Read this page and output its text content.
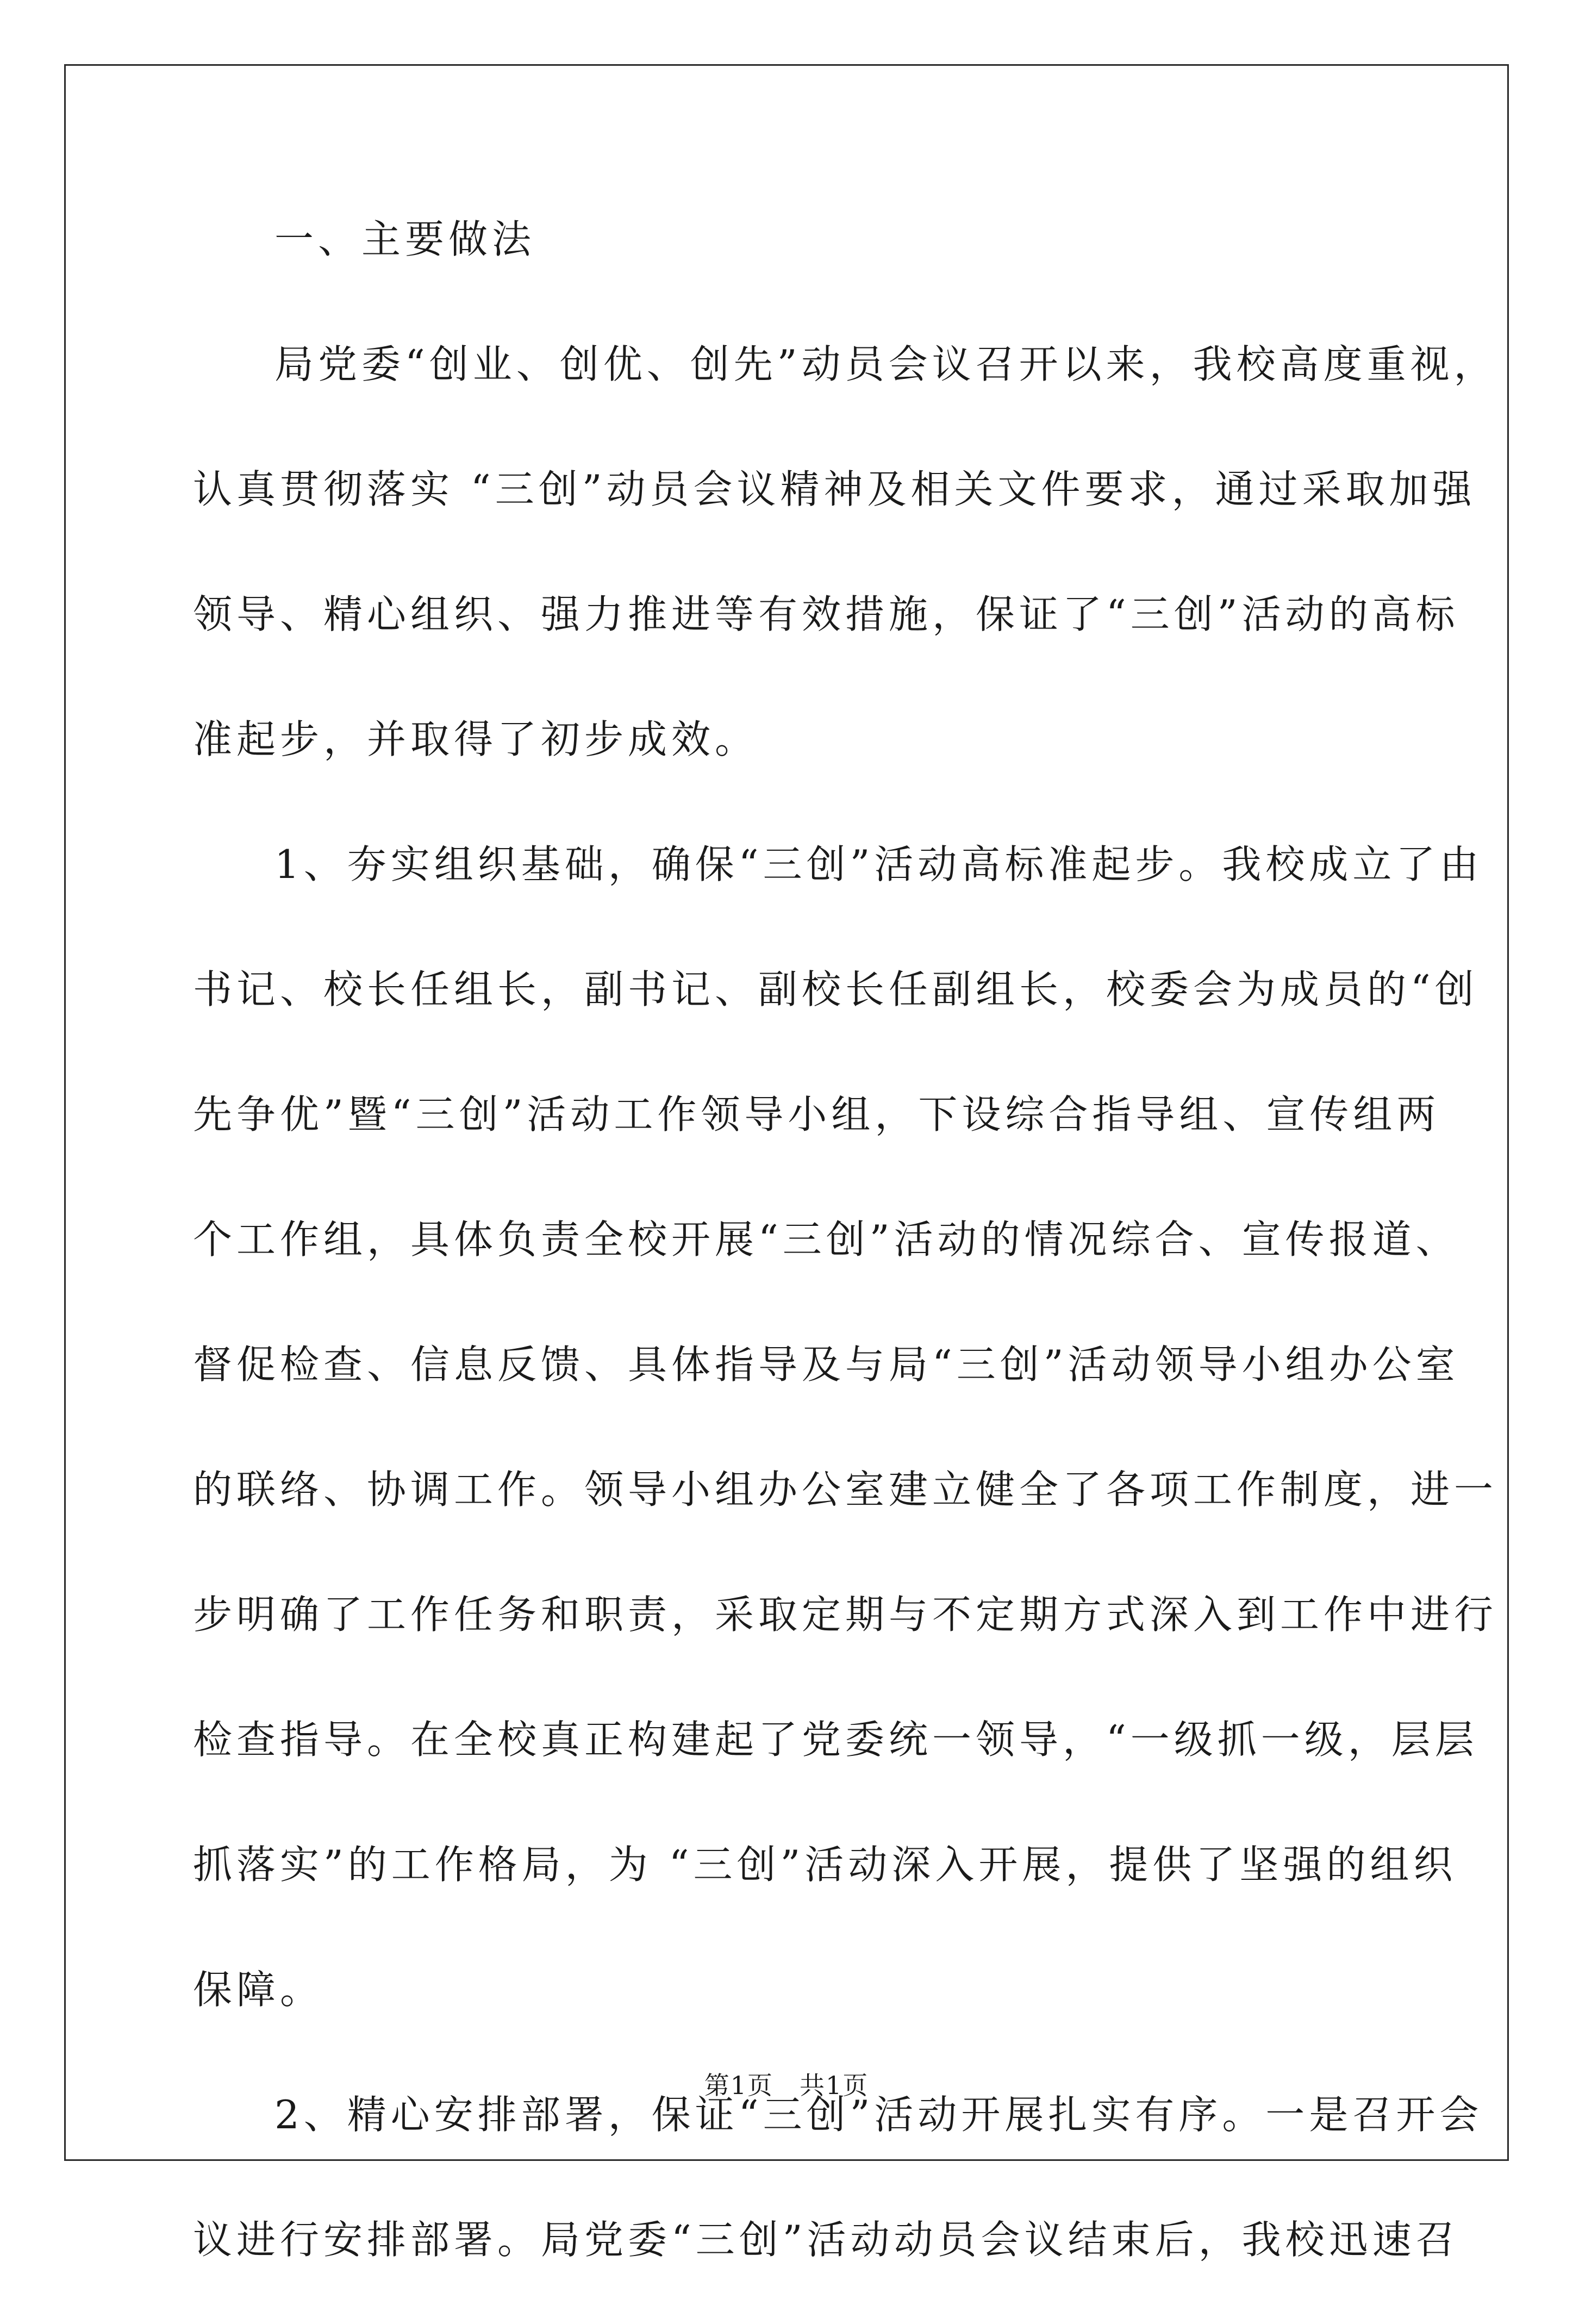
一、主要做法
局党委“创业、创优、创先”动员会议召开以来，我校高度重视，
认真贯彻落实 “三创”动员会议精神及相关文件要求，通过采取加强
领导、精心组织、强力推进等有效措施，保证了“三创”活动的高标
准起步，并取得了初步成效。
1、夯实组织基础，确保“三创”活动高标准起步。我校成立了由
书记、校长任组长，副书记、副校长任副组长，校委会为成员的“创
先争优”暨“三创”活动工作领导小组，下设综合指导组、宣传组两
个工作组，具体负责全校开展“三创”活动的情况综合、宣传报道、
督促检查、信息反馈、具体指导及与局“三创”活动领导小组办公室
的联络、协调工作。领导小组办公室建立健全了各项工作制度，进一
步明确了工作任务和职责，采取定期与不定期方式深入到工作中进行
检查指导。在全校真正构建起了党委统一领导，“一级抓一级，层层
抓落实”的工作格局，为 “三创”活动深入开展，提供了坚强的组织
保障。
2、精心安排部署，保证“三创”活动开展扎实有序。一是召开会
议进行安排部署。局党委“三创”活动动员会议结束后，我校迅速召
第1页　共1页
